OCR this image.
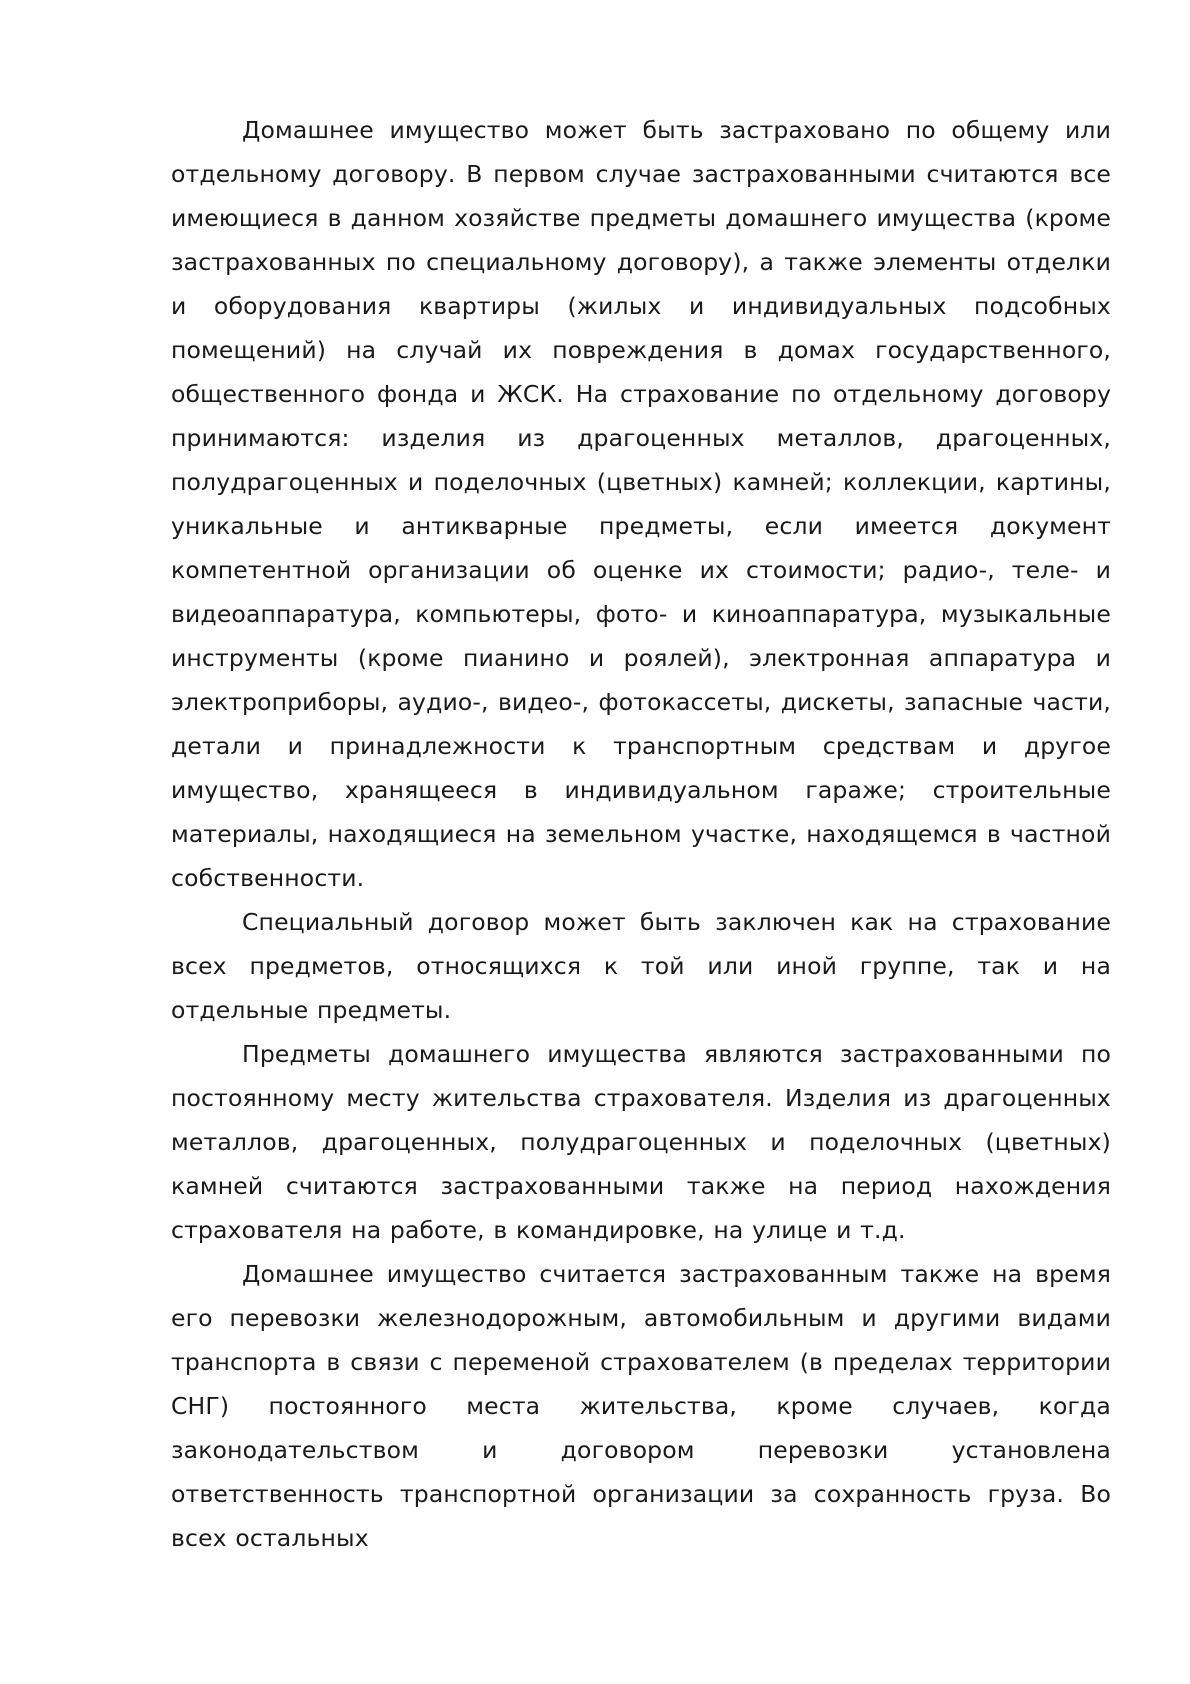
Домашнее имущество может быть застраховано по общему или отдельному договору. В первом случае застрахованными считаются все имеющиеся в данном хозяйстве предметы домашнего имущества (кроме застрахованных по специальному договору), а также элементы отделки и оборудования квартиры (жилых и индивидуальных подсобных помещений) на случай их повреждения в домах государственного, общественного фонда и ЖСК. На страхование по отдельному договору принимаются: изделия из драгоценных металлов, драгоценных, полудрагоценных и поделочных (цветных) камней; коллекции, картины, уникальные и антикварные предметы, если имеется документ компетентной организации об оценке их стоимости; радио-, теле- и видеоаппаратура, компьютеры, фото- и киноаппаратура, музыкальные инструменты (кроме пианино и роялей), электронная аппаратура и электроприборы, аудио-, видео-, фотокассеты, дискеты, запасные части, детали и принадлежности к транспортным средствам и другое имущество, хранящееся в индивидуальном гараже; строительные материалы, находящиеся на земельном участке, находящемся в частной собственности.

Специальный договор может быть заключен как на страхование всех предметов, относящихся к той или иной группе, так и на отдельные предметы.

Предметы домашнего имущества являются застрахованными по постоянному месту жительства страхователя. Изделия из драгоценных металлов, драгоценных, полудрагоценных и поделочных (цветных) камней считаются застрахованными также на период нахождения страхователя на работе, в командировке, на улице и т.д.

Домашнее имущество считается застрахованным также на время его перевозки железнодорожным, автомобильным и другими видами транспорта в связи с переменой страхователем (в пределах территории СНГ) постоянного места жительства, кроме случаев, когда законодательством и договором перевозки установлена ответственность транспортной организации за сохранность груза. Во всех остальных
